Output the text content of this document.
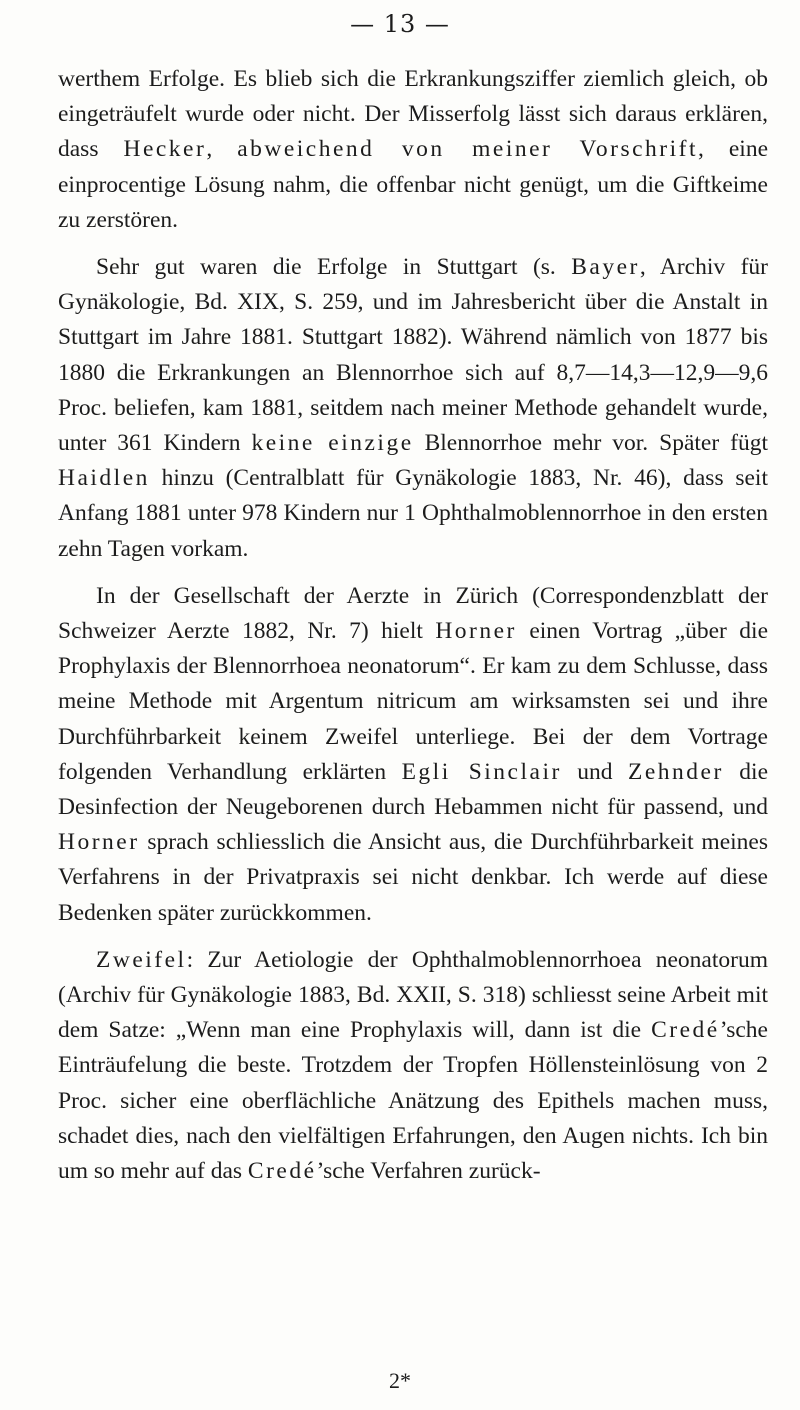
— 13 —

werthem Erfolge. Es blieb sich die Erkrankungsziffer ziemlich gleich, ob eingeträufelt wurde oder nicht. Der Misserfolg lässt sich daraus erklären, dass Hecker, abweichend von meiner Vorschrift, eine einprocentige Lösung nahm, die offenbar nicht genügt, um die Giftkeime zu zerstören.

Sehr gut waren die Erfolge in Stuttgart (s. Bayer, Archiv für Gynäkologie, Bd. XIX, S. 259, und im Jahresbericht über die Anstalt in Stuttgart im Jahre 1881. Stuttgart 1882). Während nämlich von 1877 bis 1880 die Erkrankungen an Blennorrhoe sich auf 8,7—14,3—12,9—9,6 Proc. beliefen, kam 1881, seitdem nach meiner Methode gehandelt wurde, unter 361 Kindern keine einzige Blennorrhoe mehr vor. Später fügt Haidlen hinzu (Centralblatt für Gynäkologie 1883, Nr. 46), dass seit Anfang 1881 unter 978 Kindern nur 1 Ophthalmoblennorrhoe in den ersten zehn Tagen vorkam.

In der Gesellschaft der Aerzte in Zürich (Correspondenzblatt der Schweizer Aerzte 1882, Nr. 7) hielt Horner einen Vortrag „über die Prophylaxis der Blennorrhoea neonatorum“. Er kam zu dem Schlusse, dass meine Methode mit Argentum nitricum am wirksamsten sei und ihre Durchführbarkeit keinem Zweifel unterliege. Bei der dem Vortrage folgenden Verhandlung erklärten Egli Sinclair und Zehnder die Desinfection der Neugeborenen durch Hebammen nicht für passend, und Horner sprach schliesslich die Ansicht aus, die Durchführbarkeit meines Verfahrens in der Privatpraxis sei nicht denkbar. Ich werde auf diese Bedenken später zurückkommen.

Zweifel: Zur Aetiologie der Ophthalmoblennorrhoea neonatorum (Archiv für Gynäkologie 1883, Bd. XXII, S. 318) schliesst seine Arbeit mit dem Satze: „Wenn man eine Prophylaxis will, dann ist die Credé’sche Einträufelung die beste. Trotzdem der Tropfen Höllensteinlösung von 2 Proc. sicher eine oberflächliche Anätzung des Epithels machen muss, schadet dies, nach den vielfältigen Erfahrungen, den Augen nichts. Ich bin um so mehr auf das Credé’sche Verfahren zurück-

2*
